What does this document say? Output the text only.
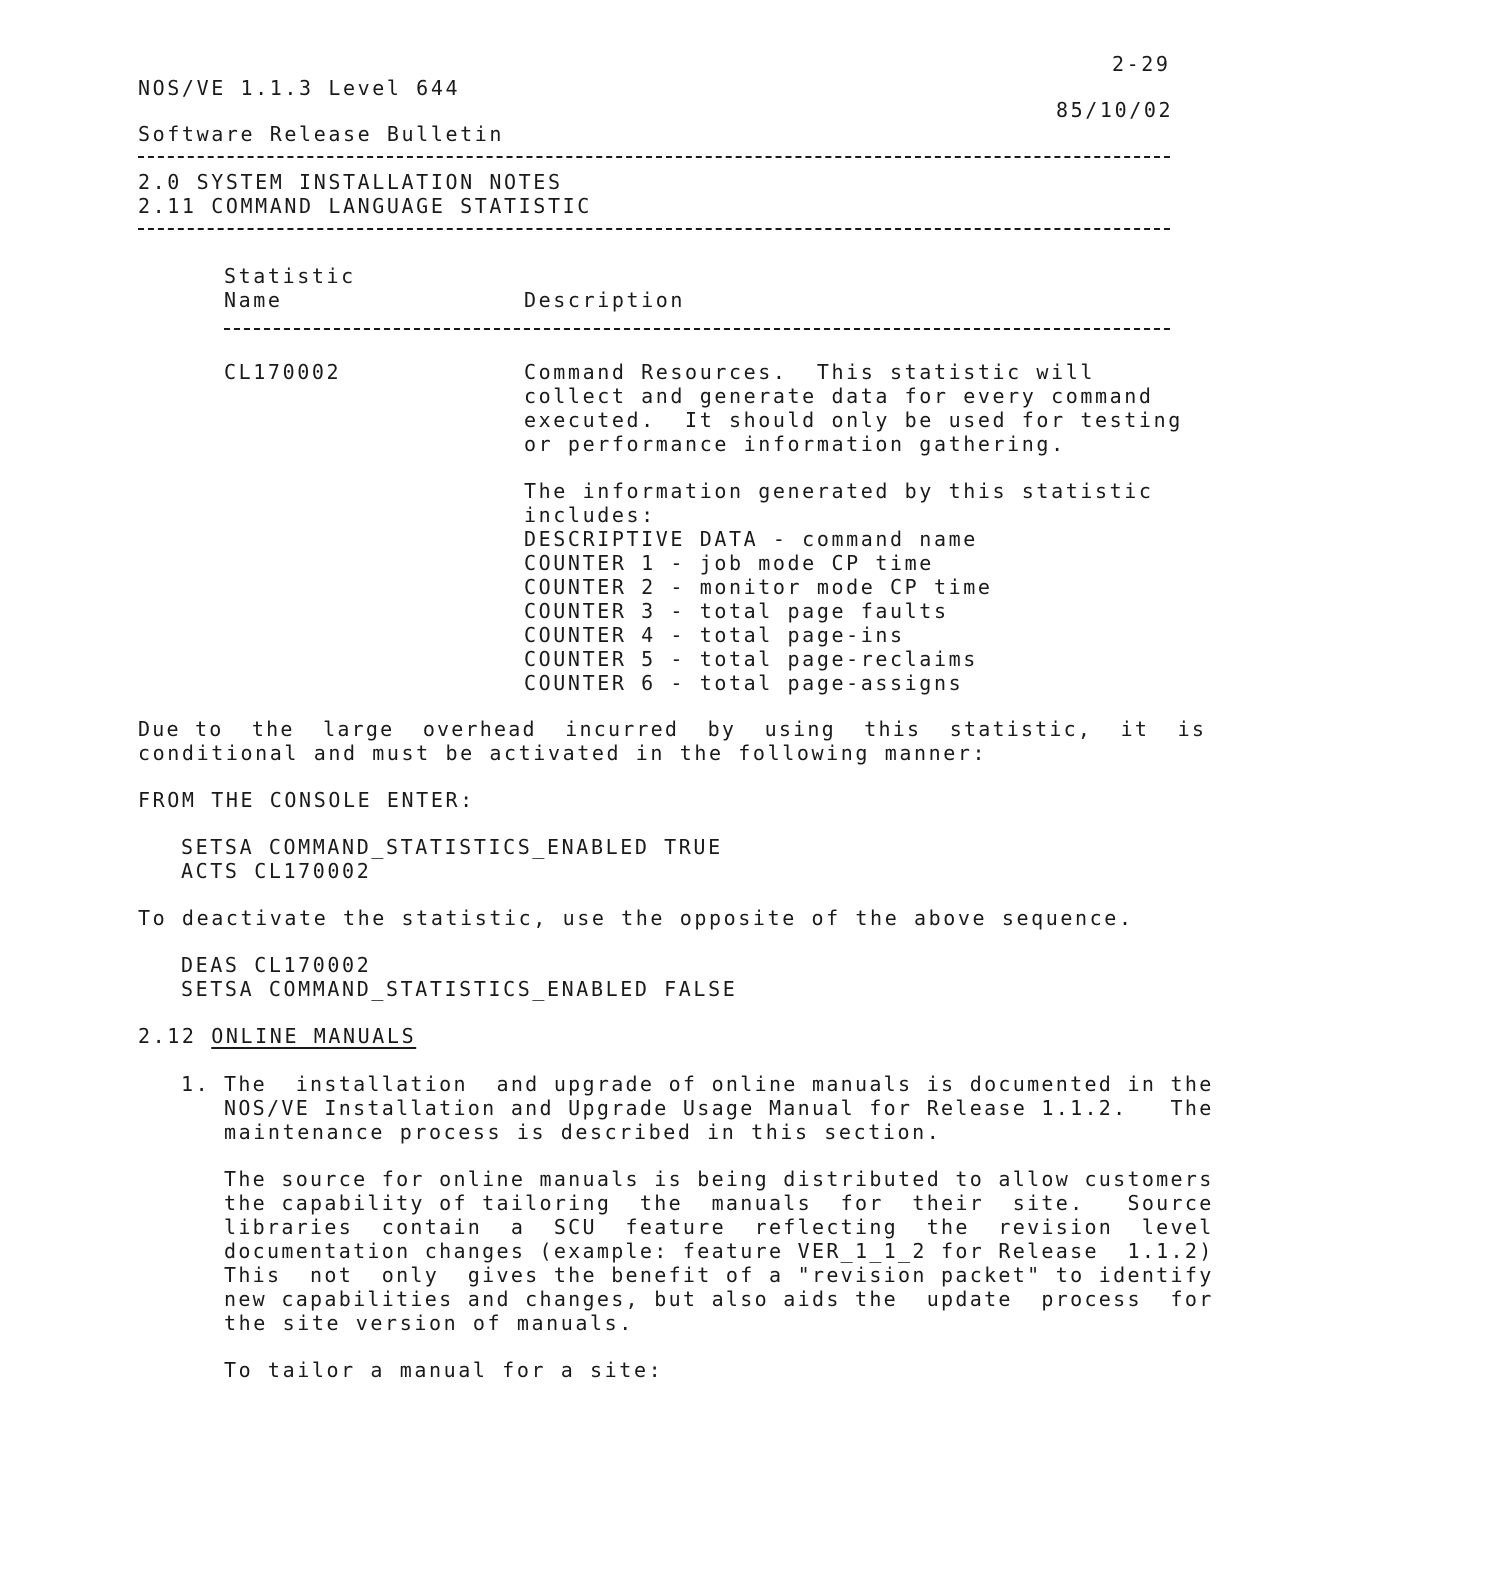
2-29

NOS/VE 1.1.3 Level 644

85/10/02

Software Release Bulletin

2.0 SYSTEM INSTALLATION NOTES

2.11 COMMAND LANGUAGE STATISTIC

Statistic

Name	Description

CL170002	Command Resources.  This statistic will

collect and generate data for every command

executed.  It should only be used for testing

or performance information gathering.

The information generated by this statistic

includes:

DESCRIPTIVE DATA - command name

COUNTER 1 - job mode CP time

COUNTER 2 - monitor mode CP time

COUNTER 3 - total page faults

COUNTER 4 - total page-ins

COUNTER 5 - total page-reclaims

COUNTER 6 - total page-assigns

Due to  the  large  overhead  incurred  by  using  this  statistic,  it  is

conditional and must be activated in the following manner:

FROM THE CONSOLE ENTER:

SETSA COMMAND_STATISTICS_ENABLED TRUE

ACTS CL170002

To deactivate the statistic, use the opposite of the above sequence.

DEAS CL170002

SETSA COMMAND_STATISTICS_ENABLED FALSE

2.12 ONLINE_MANUALS

1. The  installation  and upgrade of online manuals is documented in the

NOS/VE Installation and Upgrade Usage Manual for Release 1.1.2.   The

maintenance process is described in this section.

The source for online manuals is being distributed to allow customers

the capability of tailoring  the  manuals  for  their  site.   Source

libraries  contain  a  SCU  feature  reflecting  the  revision  level

documentation changes (example: feature VER_1_1_2 for Release  1.1.2)

This  not  only  gives the benefit of a "revision packet" to identify

new capabilities and changes, but also aids the  update  process  for

the site version of manuals.

To tailor a manual for a site:
